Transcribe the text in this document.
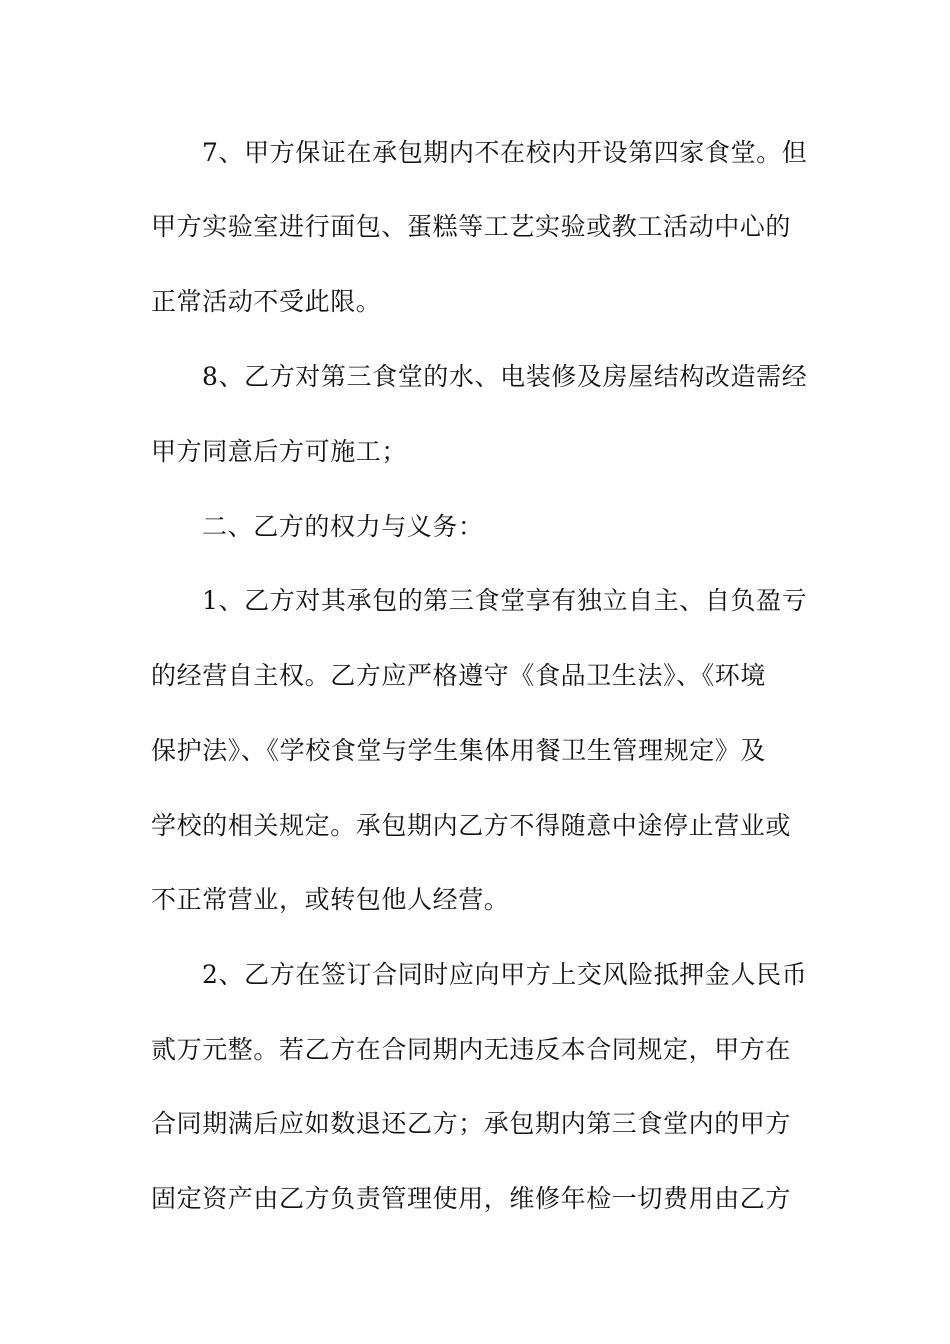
7、甲方保证在承包期内不在校内开设第四家食堂。但
甲方实验室进行面包、蛋糕等工艺实验或教工活动中心的
正常活动不受此限。
8、乙方对第三食堂的水、电装修及房屋结构改造需经
甲方同意后方可施工；
二、乙方的权力与义务：
1、乙方对其承包的第三食堂享有独立自主、自负盈亏
的经营自主权。乙方应严格遵守《食品卫生法》、《环境
保护法》、《学校食堂与学生集体用餐卫生管理规定》及
学校的相关规定。承包期内乙方不得随意中途停止营业或
不正常营业，或转包他人经营。
2、乙方在签订合同时应向甲方上交风险抵押金人民币
贰万元整。若乙方在合同期内无违反本合同规定，甲方在
合同期满后应如数退还乙方；承包期内第三食堂内的甲方
固定资产由乙方负责管理使用，维修年检一切费用由乙方
